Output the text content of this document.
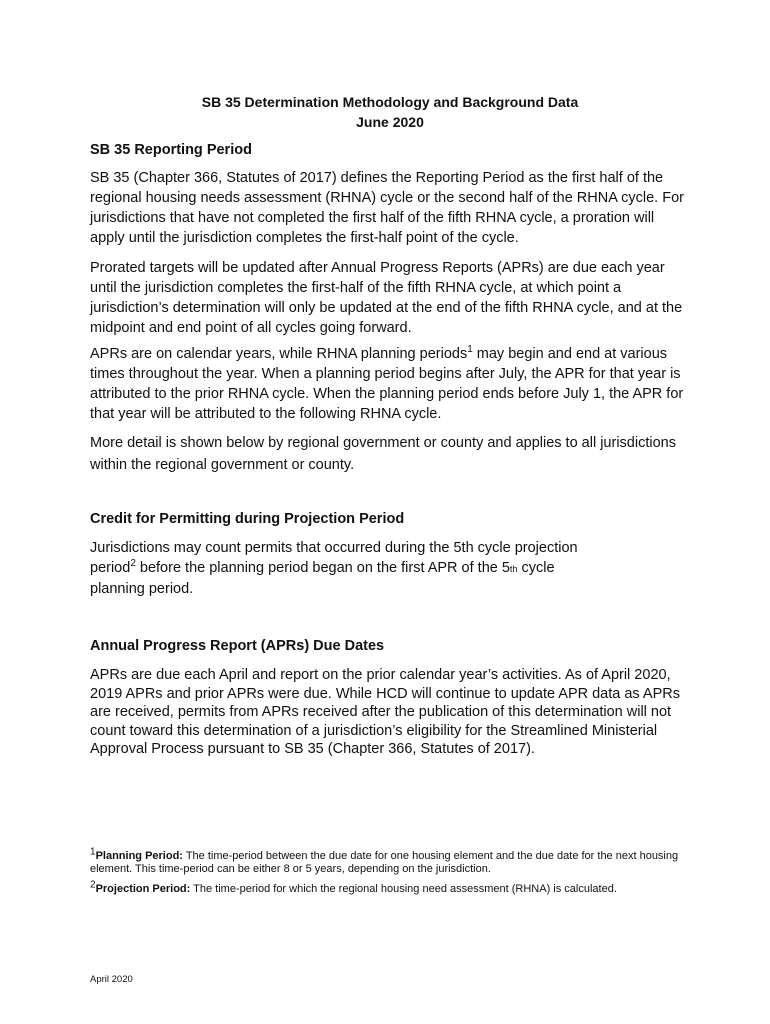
SB 35 Determination Methodology and Background Data
June 2020
SB 35 Reporting Period
SB 35 (Chapter 366, Statutes of 2017) defines the Reporting Period as the first half of the regional housing needs assessment (RHNA) cycle or the second half of the RHNA cycle. For jurisdictions that have not completed the first half of the fifth RHNA cycle, a proration will apply until the jurisdiction completes the first-half point of the cycle.
Prorated targets will be updated after Annual Progress Reports (APRs) are due each year until the jurisdiction completes the first-half of the fifth RHNA cycle, at which point a jurisdiction’s determination will only be updated at the end of the fifth RHNA cycle, and at the midpoint and end point of all cycles going forward.
APRs are on calendar years, while RHNA planning periods$^1$ may begin and end at various times throughout the year. When a planning period begins after July, the APR for that year is attributed to the prior RHNA cycle. When the planning period ends before July 1, the APR for that year will be attributed to the following RHNA cycle.
More detail is shown below by regional government or county and applies to all jurisdictions within the regional government or county.
Credit for Permitting during Projection Period
Jurisdictions may count permits that occurred during the 5th cycle projection
period$^2$ before the planning period began on the first APR of the 5th cycle
planning period.
Annual Progress Report (APRs) Due Dates
APRs are due each April and report on the prior calendar year’s activities. As of April 2020, 2019 APRs and prior APRs were due. While HCD will continue to update APR data as APRs are received, permits from APRs received after the publication of this determination will not count toward this determination of a jurisdiction’s eligibility for the Streamlined Ministerial Approval Process pursuant to SB 35 (Chapter 366, Statutes of 2017).
$^1$Planning Period: The time-period between the due date for one housing element and the due date for the next housing element. This time-period can be either 8 or 5 years, depending on the jurisdiction.
$^2$Projection Period: The time-period for which the regional housing need assessment (RHNA) is calculated.
April 2020
